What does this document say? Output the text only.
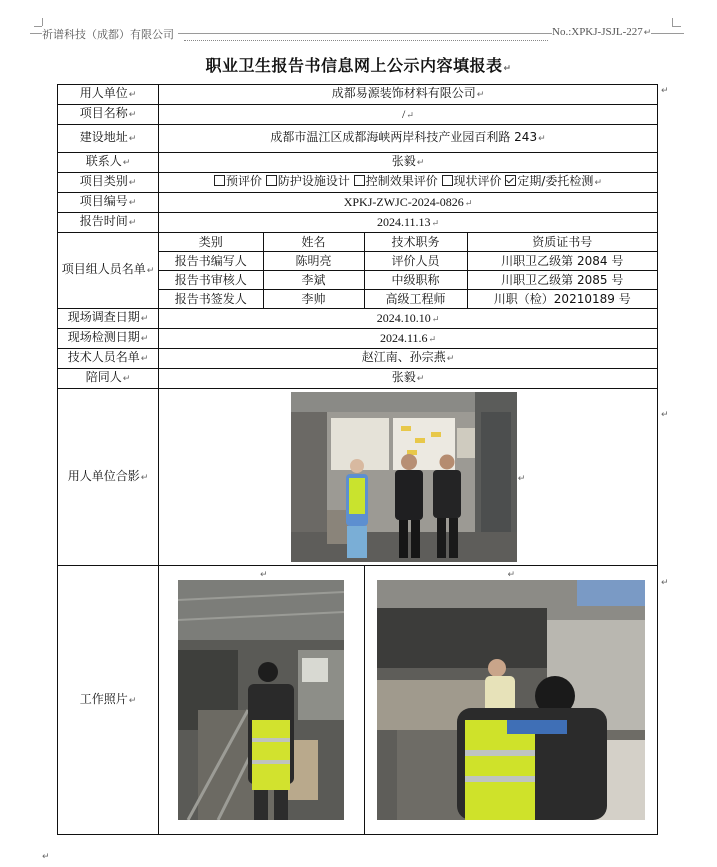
祈谱科技（成都）有限公司	No.:XPKJ-JSJL-227↵
职业卫生报告书信息网上公示内容填报表↵
用人单位↵	成都易源装饰材料有限公司↵
项目名称↵	/↵
建设地址↵	成都市温江区成都海峡两岸科技产业园百利路 243↵
联系人↵	张毅↵
项目类别↵	预评价 防护设施设计 控制效果评价 现状评价 定期/委托检测↵
项目编号↵	XPKJ-ZWJC-2024-0826↵
报告时间↵	2024.11.13↵
项目组人员名单↵	
类别	姓名	技术职务	资质证书号
报告书编写人	陈明亮	评价人员	川职卫乙级第 2084 号
报告书审核人	李斌	中级职称	川职卫乙级第 2085 号
报告书签发人	李帅	高级工程师	川职（检）20210189 号

现场调查日期↵	2024.10.10↵
现场检测日期↵	2024.11.6↵
技术人员名单↵	赵江南、孙宗燕↵
陪同人↵	张毅↵
用人单位合影↵	↵
工作照片↵	
↵	↵
↵
↵
↵
↵
